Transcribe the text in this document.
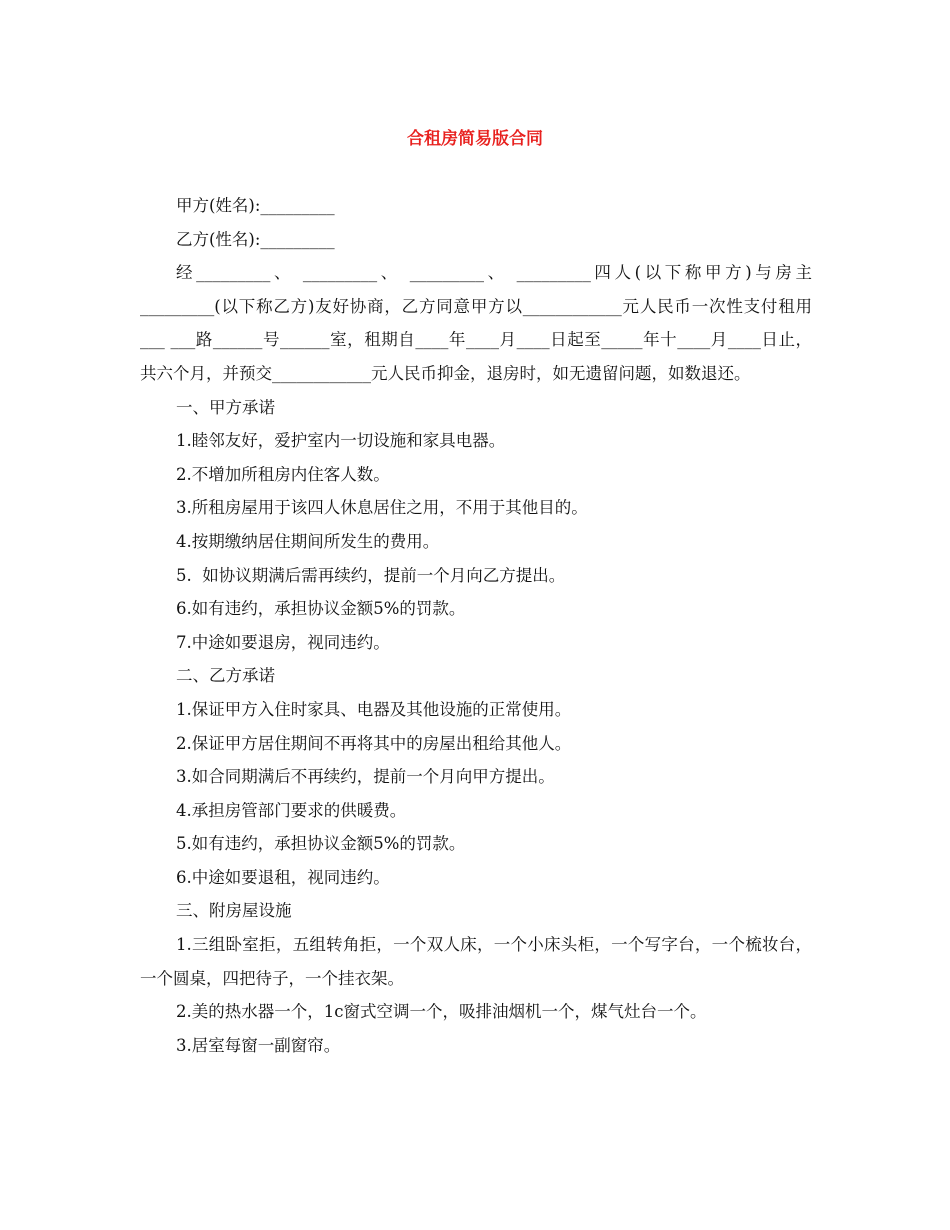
合租房简易版合同

甲方(姓名):_________

乙方(性名):_________

经_________、 _________、 _________、 _________四人(以下称甲方)与房主_________(以下称乙方)友好协商，乙方同意甲方以____________元人民币一次性支付租用___ ___路______号______室，租期自____年____月____日起至_____年十____月____日止，共六个月，并预交____________元人民币抑金，退房时，如无遗留问题，如数退还。

一、甲方承诺

1.睦邻友好，爱护室内一切设施和家具电器。

2.不增加所租房内住客人数。

3.所租房屋用于该四人休息居住之用，不用于其他目的。

4.按期缴纳居住期间所发生的费用。

5.  如协议期满后需再续约，提前一个月向乙方提出。

6.如有违约，承担协议金额5%的罚款。

7.中途如要退房，视同违约。

二、乙方承诺

1.保证甲方入住时家具、电器及其他设施的正常使用。

2.保证甲方居住期间不再将其中的房屋出租给其他人。

3.如合同期满后不再续约，提前一个月向甲方提出。

4.承担房管部门要求的供暖费。

5.如有违约，承担协议金额5%的罚款。

6.中途如要退租，视同违约。

三、附房屋设施

1.三组卧室拒，五组转角拒，一个双人床，一个小床头柜，一个写字台，一个梳妆台，一个圆桌，四把待子，一个挂衣架。

2.美的热水器一个，1c窗式空调一个，吸排油烟机一个，煤气灶台一个。

3.居室每窗一副窗帘。
